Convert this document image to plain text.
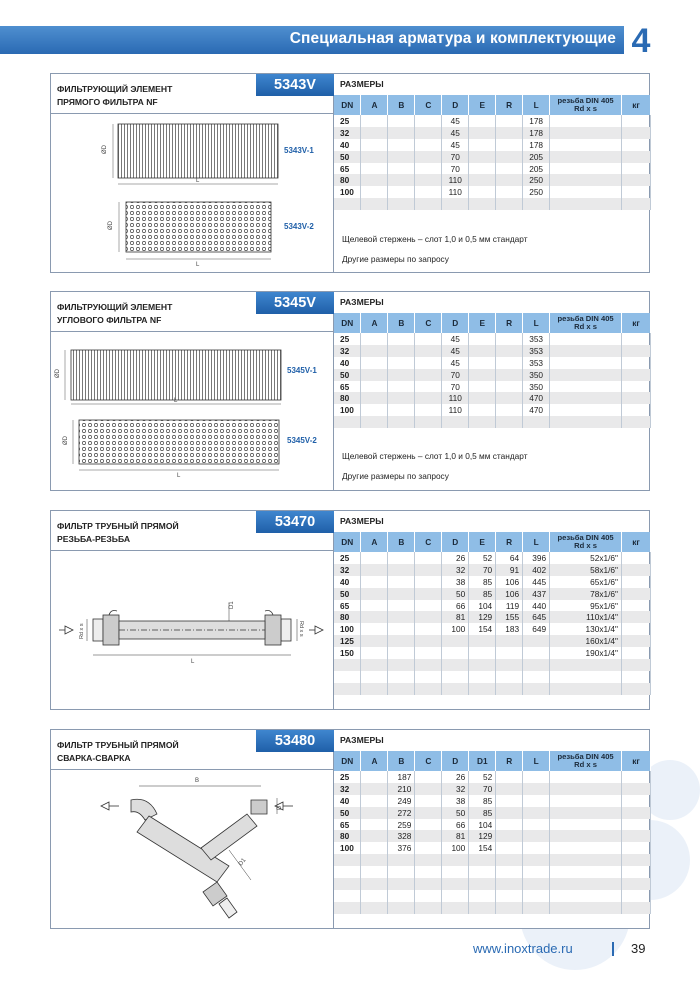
Специальная арматура и комплектующие 4
ФИЛЬТРУЮЩИЙ ЭЛЕМЕНТ
ПРЯМОГО ФИЛЬТРА NF
5343V
ØD
L
ØD
L
5343V-1
5343V-2
РАЗМЕРЫ
DN	A	B	C	D	E	R	L	резьба DIN 405
Rd x s	кг
25				45			178		
32				45			178		
40				45			178		
50				70			205		
65				70			205		
80				110			250		
100				110			250		

Щелевой стержень – слот 1,0 и 0,5 мм стандарт
Другие размеры по запросу
ФИЛЬТРУЮЩИЙ ЭЛЕМЕНТ
УГЛОВОГО ФИЛЬТРА NF
5345V
ØD
L
ØD
L
5345V-1
5345V-2
РАЗМЕРЫ
DN	A	B	C	D	E	R	L	резьба DIN 405
Rd x s	кг
25				45			353		
32				45			353		
40				45			353		
50				70			350		
65				70			350		
80				110			470		
100				110			470		

Щелевой стержень – слот 1,0 и 0,5 мм стандарт
Другие размеры по запросу
ФИЛЬТР ТРУБНЫЙ ПРЯМОЙ
РЕЗЬБА-РЕЗЬБА
53470
L
D1
Rd x s	Rd x s
РАЗМЕРЫ
DN	A	B	C	D	E	R	L	резьба DIN 405
Rd x s	кг
25				26	52	64	396	52x1/6"	
32				32	70	91	402	58x1/6"	
40				38	85	106	445	65x1/6"	
50				50	85	106	437	78x1/6"	
65				66	104	119	440	95x1/6"	
80				81	129	155	645	110x1/4"	
100				100	154	183	649	130x1/4"	
125								160x1/4"	
150								190x1/4"	

ФИЛЬТР ТРУБНЫЙ ПРЯМОЙ
СВАРКА-СВАРКА
53480
B
D
D1
РАЗМЕРЫ
DN	A	B	C	D	D1	R	L	резьба DIN 405
Rd x s	кг
25		187		26	52				
32		210		32	70				
40		249		38	85				
50		272		50	85				
65		259		66	104				
80		328		81	129				
100		376		100	154				

www.inoxtrade.ru	39
